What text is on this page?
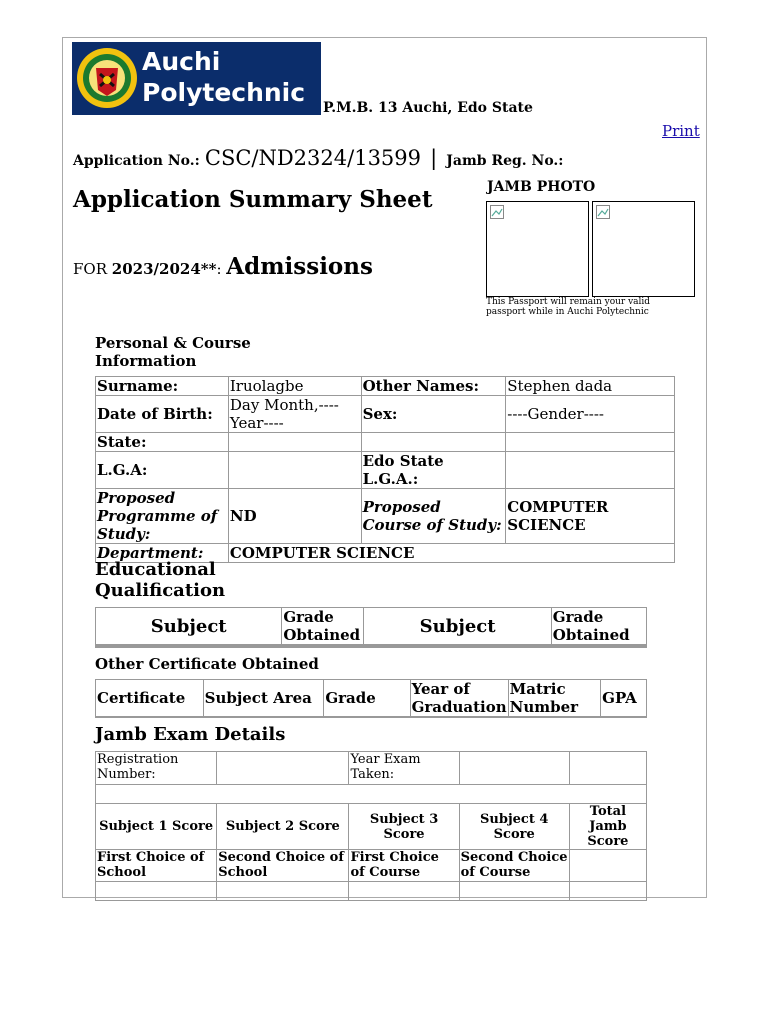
Auchi
Polytechnic
P.M.B. 13 Auchi, Edo State
Print
Application No.: CSC/ND2324/13599 | Jamb Reg. No.:
Application Summary Sheet
FOR 2023/2024**: Admissions
JAMB PHOTO
This Passport will remain your valid passport while in Auchi Polytechnic
Personal & Course Information
Surname:	Iruolagbe	Other Names:	Stephen dada
Date of Birth:	Day Month,---- Year----	Sex:	----Gender----
State:			
L.G.A:		Edo State L.G.A.:	
Proposed Programme of Study:	ND	Proposed Course of Study:	COMPUTER SCIENCE
Department:	COMPUTER SCIENCE		
Educational Qualification
Subject	Grade Obtained	Subject	Grade Obtained
Other Certificate Obtained
Certificate	Subject Area	Grade	Year of Graduation	Matric Number	GPA
Jamb Exam Details
Registration Number:		Year Exam Taken:		

Subject 1 Score	Subject 2 Score	Subject 3 Score	Subject 4 Score	Total Jamb Score
First Choice of School	Second Choice of School	First Choice of Course	Second Choice of Course	
